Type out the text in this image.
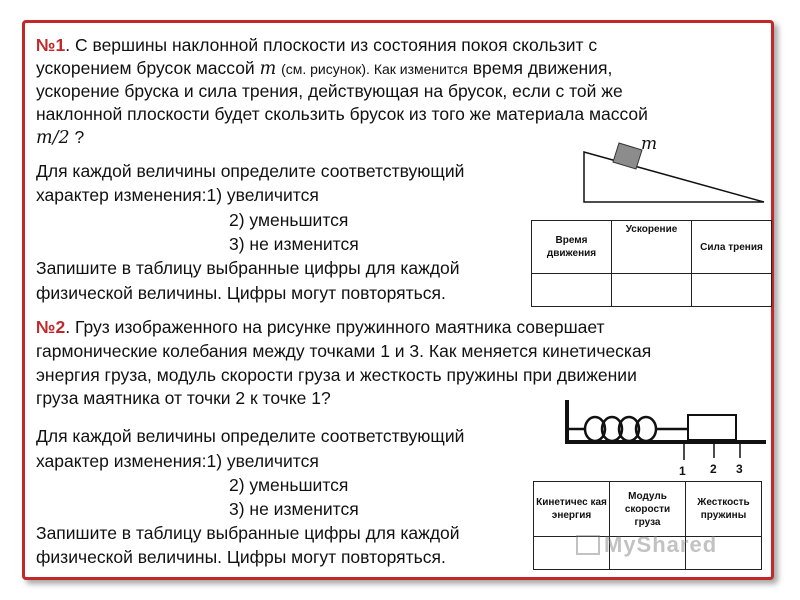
№1. С вершины наклонной плоскости из состояния покоя скользит с
ускорением брусок массой m (см. рисунок). Как изменится время движения,
ускорение бруска и сила трения, действующая на брусок, если с той же
наклонной плоскости будет скользить брусок из того же материала массой
m/2 ?
Для каждой величины определите соответствующий
характер изменения:1) увеличится
2) уменьшится
3) не изменится
Запишите в таблицу выбранные цифры для каждой
физической величины. Цифры могут повторяться.
m
Время движения	Ускорение	Сила трения

№2. Груз изображенного на рисунке пружинного маятника совершает
гармонические колебания между точками 1 и 3. Как меняется кинетическая
энергия груза, модуль скорости груза и жесткость пружины при движении
груза маятника от точки 2 к точке 1?
Для каждой величины определите соответствующий
характер изменения:1) увеличится
2) уменьшится
3) не изменится
Запишите в таблицу выбранные цифры для каждой
физической величины. Цифры могут повторяться.
1 2 3
Кинетичес кая энергия	Модуль скорости груза	Жесткость пружины

MyShared
